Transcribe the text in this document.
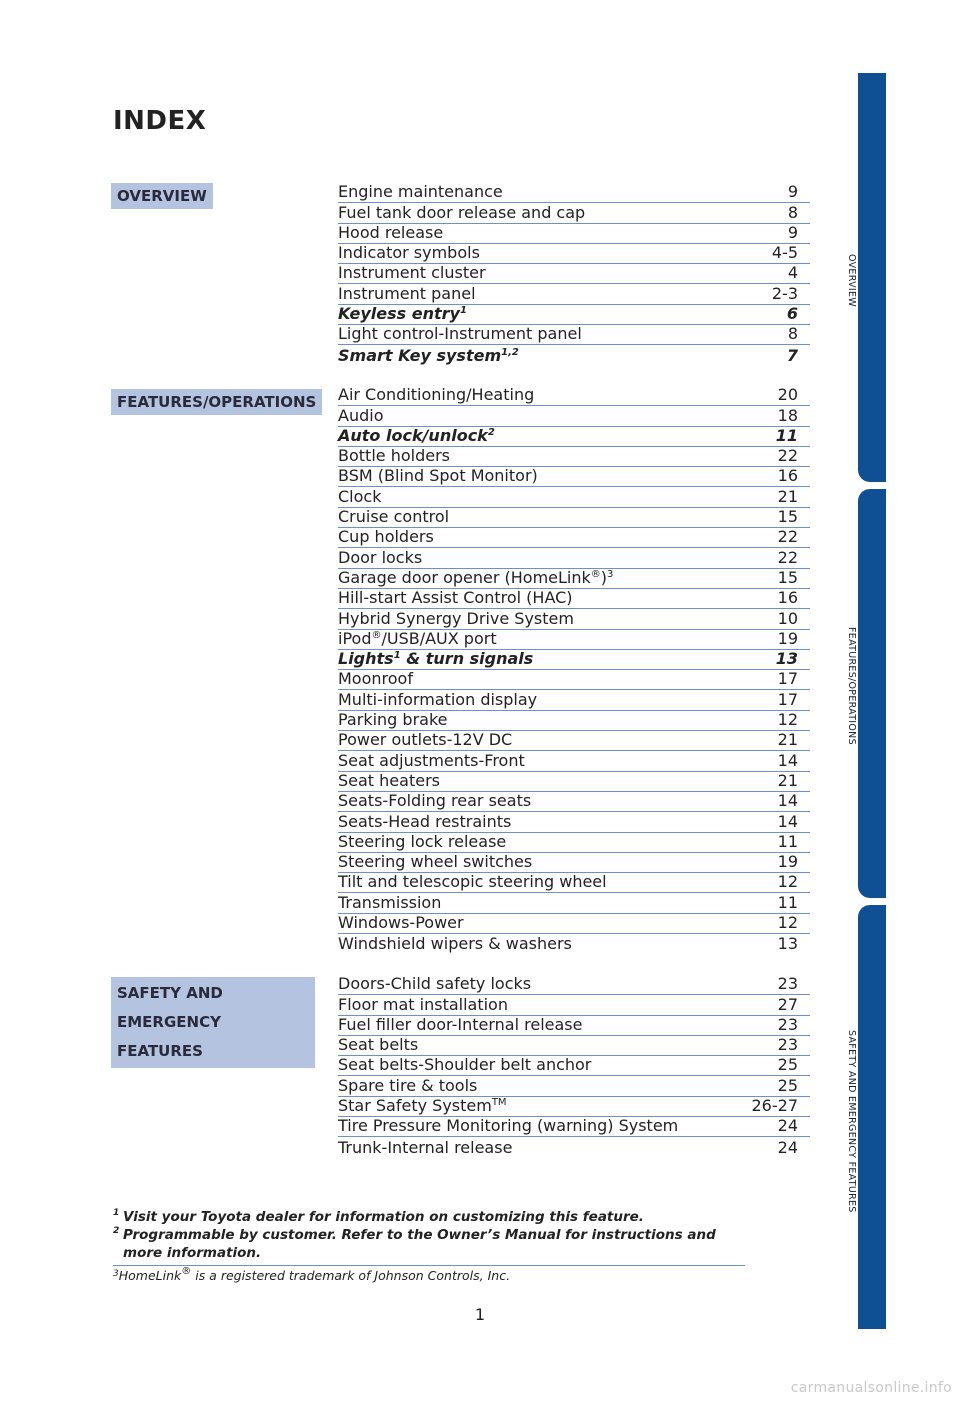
INDEX
OVERVIEW
FEATURES/OPERATIONS
SAFETY AND
EMERGENCY FEATURES
Engine maintenance	9
Fuel tank door release and cap	8
Hood release	9
Indicator symbols	4-5
Instrument cluster	4
Instrument panel	2-3
Keyless entry$^1$	6
Light control-Instrument panel	8
Smart Key system$^{1,2}$	7
Air Conditioning/Heating	20
Audio	18
Auto lock/unlock$^2$	11
Bottle holders	22
BSM (Blind Spot Monitor)	16
Clock	21
Cruise control	15
Cup holders	22
Door locks	22
Garage door opener (HomeLink®)$^3$	15
Hill-start Assist Control (HAC)	16
Hybrid Synergy Drive System	10
iPod®/USB/AUX port	19
Lights$^1$ & turn signals	13
Moonroof	17
Multi-information display	17
Parking brake	12
Power outlets-12V DC	21
Seat adjustments-Front	14
Seat heaters	21
Seats-Folding rear seats	14
Seats-Head restraints	14
Steering lock release	11
Steering wheel switches	19
Tilt and telescopic steering wheel	12
Transmission	11
Windows-Power	12
Windshield wipers & washers	13
Doors-Child safety locks	23
Floor mat installation	27
Fuel filler door-Internal release	23
Seat belts	23
Seat belts-Shoulder belt anchor	25
Spare tire & tools	25
Star Safety System™	26-27
Tire Pressure Monitoring (warning) System	24
Trunk-Internal release	24
1 Visit your Toyota dealer for information on customizing this feature.
2 Programmable by customer. Refer to the Owner’s Manual for instructions and
more information.
$^3$HomeLink® is a registered trademark of Johnson Controls, Inc.
1
OVERVIEW
FEATURES/OPERATIONS
SAFETY AND EMERGENCY FEATURES
carmanualsonline.info
